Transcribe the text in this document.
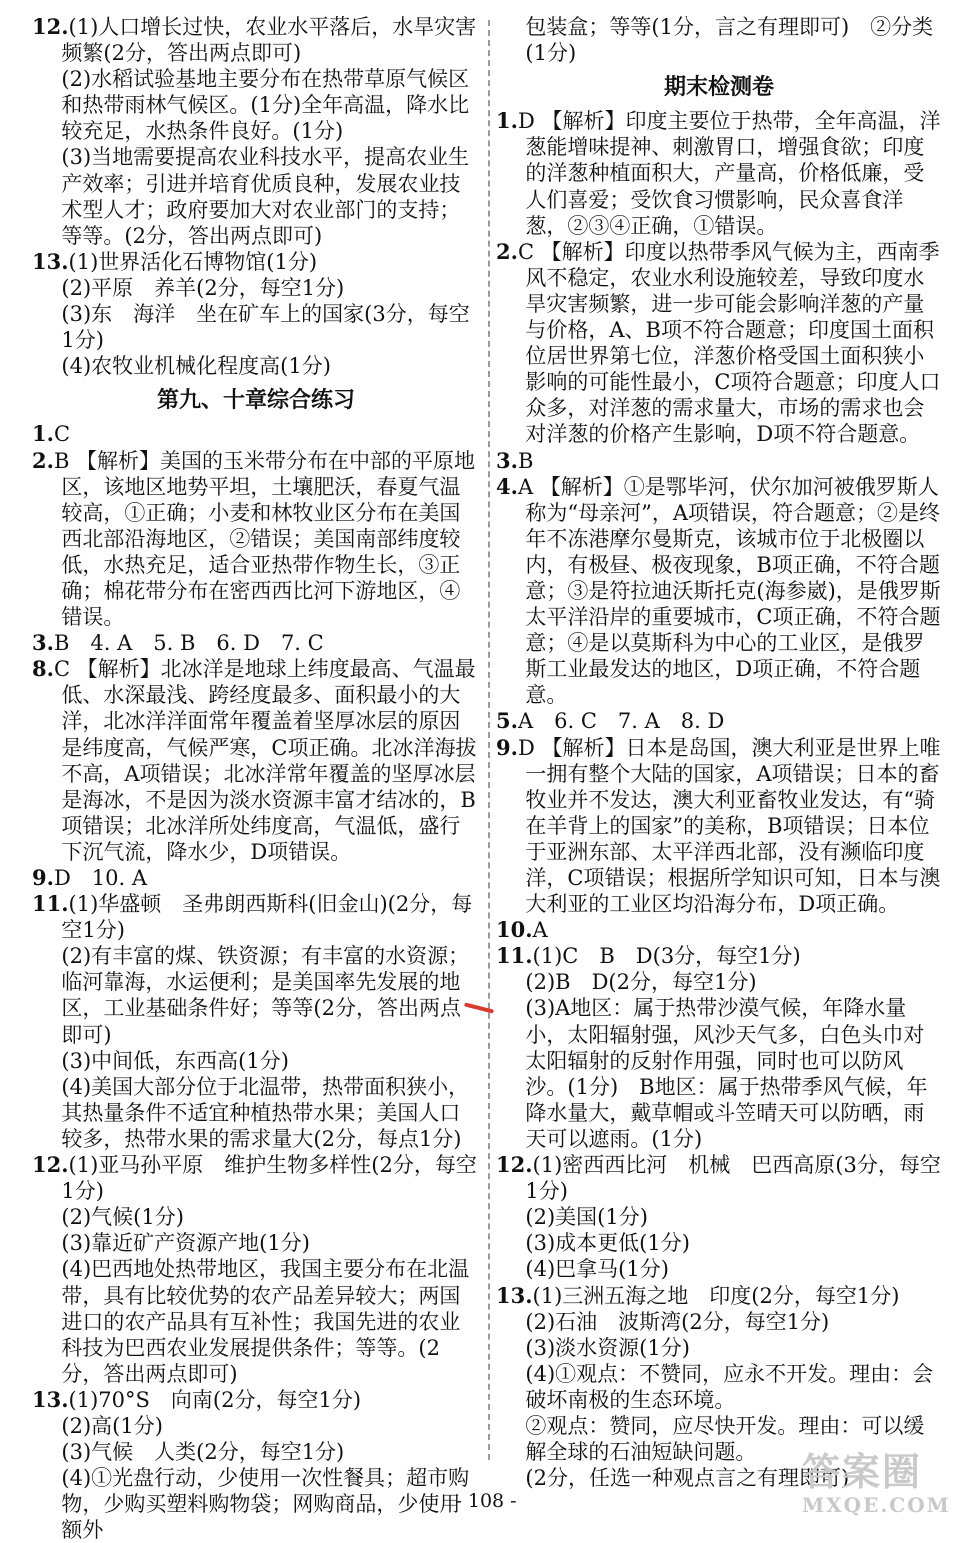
12.(1)人口增长过快，农业水平落后，水旱灾害频繁(2分，答出两点即可)
(2)水稻试验基地主要分布在热带草原气候区和热带雨林气候区。(1分)全年高温，降水比较充足，水热条件良好。(1分)
(3)当地需要提高农业科技水平，提高农业生产效率；引进并培育优质良种，发展农业技术型人才；政府要加大对农业部门的支持；等等。(2分，答出两点即可)
13.(1)世界活化石博物馆(1分)
(2)平原　养羊(2分，每空1分)
(3)东　海洋　坐在矿车上的国家(3分，每空1分)
(4)农牧业机械化程度高(1分)
第九、十章综合练习
1.C
2.B 【解析】美国的玉米带分布在中部的平原地区，该地区地势平坦，土壤肥沃，春夏气温较高，①正确；小麦和林牧业区分布在美国西北部沿海地区，②错误；美国南部纬度较低，水热充足，适合亚热带作物生长，③正确；棉花带分布在密西西比河下游地区，④错误。
3.B　4. A　5. B　6. D　7. C
8.C 【解析】北冰洋是地球上纬度最高、气温最低、水深最浅、跨经度最多、面积最小的大洋，北冰洋洋面常年覆盖着坚厚冰层的原因是纬度高，气候严寒，C项正确。北冰洋海拔不高，A项错误；北冰洋常年覆盖的坚厚冰层是海冰，不是因为淡水资源丰富才结冰的，B项错误；北冰洋所处纬度高，气温低，盛行下沉气流，降水少，D项错误。
9.D　10. A
11.(1)华盛顿　圣弗朗西斯科(旧金山)(2分，每空1分)
(2)有丰富的煤、铁资源；有丰富的水资源；临河靠海，水运便利；是美国率先发展的地区，工业基础条件好；等等(2分，答出两点即可)
(3)中间低，东西高(1分)
(4)美国大部分位于北温带，热带面积狭小，其热量条件不适宜种植热带水果；美国人口较多，热带水果的需求量大(2分，每点1分)
12.(1)亚马孙平原　维护生物多样性(2分，每空1分)
(2)气候(1分)
(3)靠近矿产资源产地(1分)
(4)巴西地处热带地区，我国主要分布在北温带，具有比较优势的农产品差异较大；两国进口的农产品具有互补性；我国先进的农业科技为巴西农业发展提供条件；等等。(2分，答出两点即可)
13.(1)70°S　向南(2分，每空1分)
(2)高(1分)
(3)气候　人类(2分，每空1分)
(4)①光盘行动，少使用一次性餐具；超市购物，少购买塑料购物袋；网购商品，少使用额外
包装盒；等等(1分，言之有理即可)　②分类(1分)
期末检测卷
1.D 【解析】印度主要位于热带，全年高温，洋葱能增味提神、刺激胃口，增强食欲；印度的洋葱种植面积大，产量高，价格低廉，受人们喜爱；受饮食习惯影响，民众喜食洋葱，②③④正确，①错误。
2.C 【解析】印度以热带季风气候为主，西南季风不稳定，农业水利设施较差，导致印度水旱灾害频繁，进一步可能会影响洋葱的产量与价格，A、B项不符合题意；印度国土面积位居世界第七位，洋葱价格受国土面积狭小影响的可能性最小，C项符合题意；印度人口众多，对洋葱的需求量大，市场的需求也会对洋葱的价格产生影响，D项不符合题意。
3.B
4.A 【解析】①是鄂毕河，伏尔加河被俄罗斯人称为“母亲河”，A项错误，符合题意；②是终年不冻港摩尔曼斯克，该城市位于北极圈以内，有极昼、极夜现象，B项正确，不符合题意；③是符拉迪沃斯托克(海参崴)，是俄罗斯太平洋沿岸的重要城市，C项正确，不符合题意；④是以莫斯科为中心的工业区，是俄罗斯工业最发达的地区，D项正确，不符合题意。
5.A　6. C　7. A　8. D
9.D 【解析】日本是岛国，澳大利亚是世界上唯一拥有整个大陆的国家，A项错误；日本的畜牧业并不发达，澳大利亚畜牧业发达，有“骑在羊背上的国家”的美称，B项错误；日本位于亚洲东部、太平洋西北部，没有濒临印度洋，C项错误；根据所学知识可知，日本与澳大利亚的工业区均沿海分布，D项正确。
10.A
11.(1)C　B　D(3分，每空1分)
(2)B　D(2分，每空1分)
(3)A地区：属于热带沙漠气候，年降水量小，太阳辐射强，风沙天气多，白色头巾对太阳辐射的反射作用强，同时也可以防风沙。(1分)　B地区：属于热带季风气候，年降水量大，戴草帽或斗笠晴天可以防晒，雨天可以遮雨。(1分)
12.(1)密西西比河　机械　巴西高原(3分，每空1分)
(2)美国(1分)
(3)成本更低(1分)
(4)巴拿马(1分)
13.(1)三洲五海之地　印度(2分，每空1分)
(2)石油　波斯湾(2分，每空1分)
(3)淡水资源(1分)
(4)①观点：不赞同，应永不开发。理由：会破坏南极的生态环境。
②观点：赞同，应尽快开发。理由：可以缓解全球的石油短缺问题。
(2分，任选一种观点言之有理即可)
- 108 -
答案圈
MXQE.COM
